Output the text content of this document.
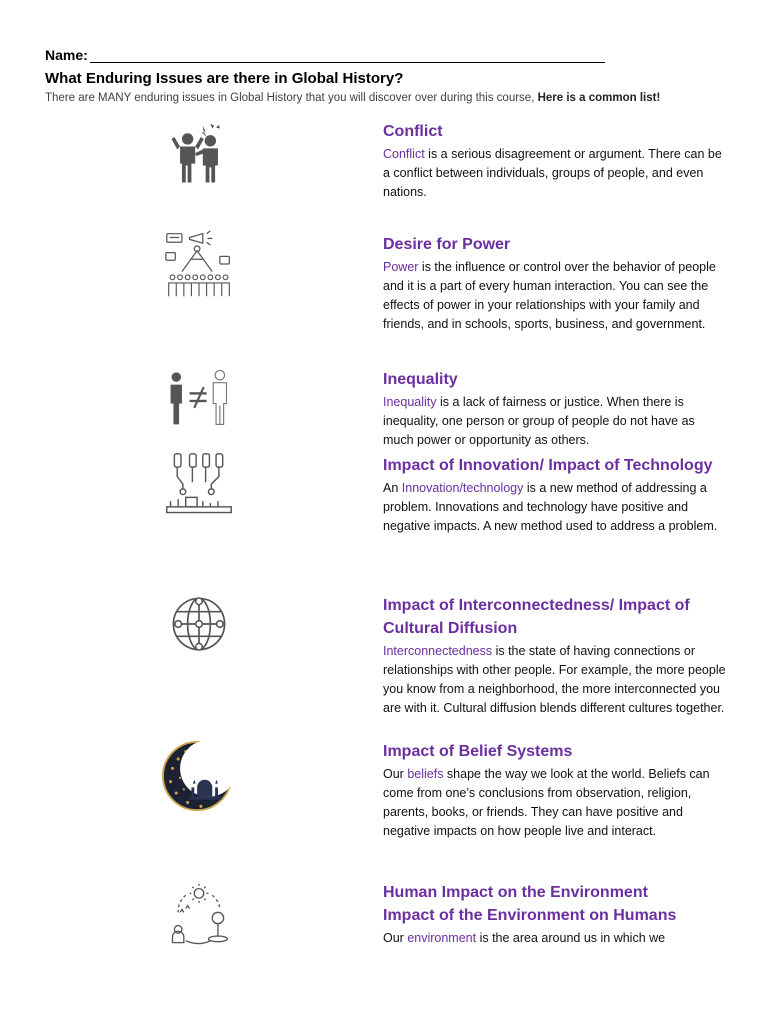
Name:
What Enduring Issues are there in Global History?
There are MANY enduring issues in Global History that you will discover over during this course, Here is a common list!
Conflict

Conflict is a serious disagreement or argument. There can be a conflict between individuals, groups of people, and even nations.

Desire for Power

Power is the influence or control over the behavior of people and it is a part of every human interaction. You can see the effects of power in your relationships with your family and friends, and in schools, sports, business, and government.

Inequality

Inequality is a lack of fairness or justice. When there is inequality, one person or group of people do not have as much power or opportunity as others.

Impact of Innovation/ Impact of Technology

An Innovation/technology is a new method of addressing a problem. Innovations and technology have positive and negative impacts. A new method used to address a problem.

Impact of Interconnectedness/ Impact of Cultural Diffusion

Interconnectedness is the state of having connections or relationships with other people. For example, the more people you know from a neighborhood, the more interconnected you are with it. Cultural diffusion blends different cultures together.

Impact of Belief Systems

Our beliefs shape the way we look at the world. Beliefs can come from one’s conclusions from observation, religion, parents, books, or friends. They can have positive and negative impacts on how people live and interact.

Human Impact on the Environment
Impact of the Environment on Humans

Our environment is the area around us in which we
